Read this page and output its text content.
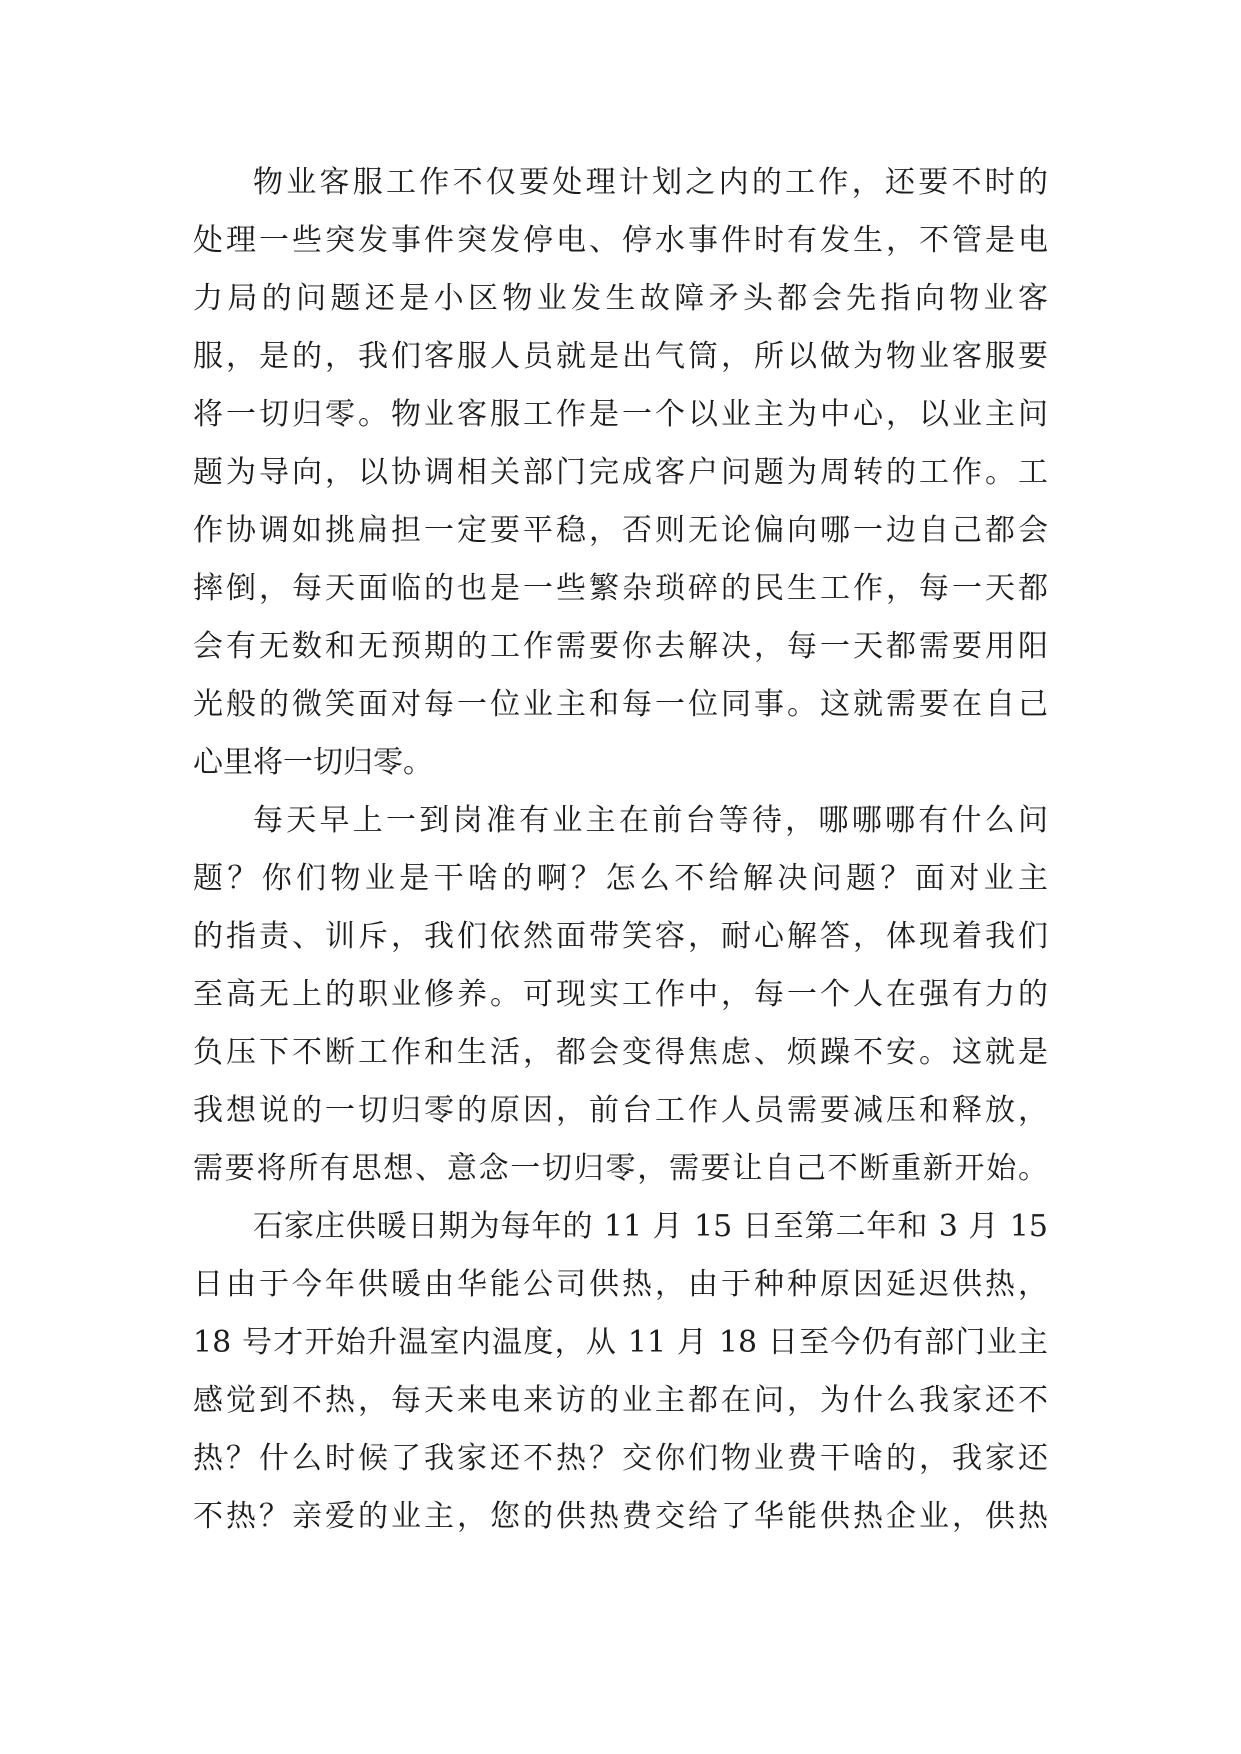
物业客服工作不仅要处理计划之内的工作，还要不时的
处理一些突发事件突发停电、停水事件时有发生，不管是电
力局的问题还是小区物业发生故障矛头都会先指向物业客
服，是的，我们客服人员就是出气筒，所以做为物业客服要
将一切归零。物业客服工作是一个以业主为中心，以业主问
题为导向，以协调相关部门完成客户问题为周转的工作。工
作协调如挑扁担一定要平稳，否则无论偏向哪一边自己都会
摔倒，每天面临的也是一些繁杂琐碎的民生工作，每一天都
会有无数和无预期的工作需要你去解决，每一天都需要用阳
光般的微笑面对每一位业主和每一位同事。这就需要在自己
心里将一切归零。
每天早上一到岗准有业主在前台等待，哪哪哪有什么问
题？你们物业是干啥的啊？怎么不给解决问题？面对业主
的指责、训斥，我们依然面带笑容，耐心解答，体现着我们
至高无上的职业修养。可现实工作中，每一个人在强有力的
负压下不断工作和生活，都会变得焦虑、烦躁不安。这就是
我想说的一切归零的原因，前台工作人员需要减压和释放，
需要将所有思想、意念一切归零，需要让自己不断重新开始。
石家庄供暖日期为每年的 11 月 15 日至第二年和 3 月 15
日由于今年供暖由华能公司供热，由于种种原因延迟供热，
18 号才开始升温室内温度，从 11 月 18 日至今仍有部门业主
感觉到不热，每天来电来访的业主都在问，为什么我家还不
热？什么时候了我家还不热？交你们物业费干啥的，我家还
不热？亲爱的业主，您的供热费交给了华能供热企业，供热
